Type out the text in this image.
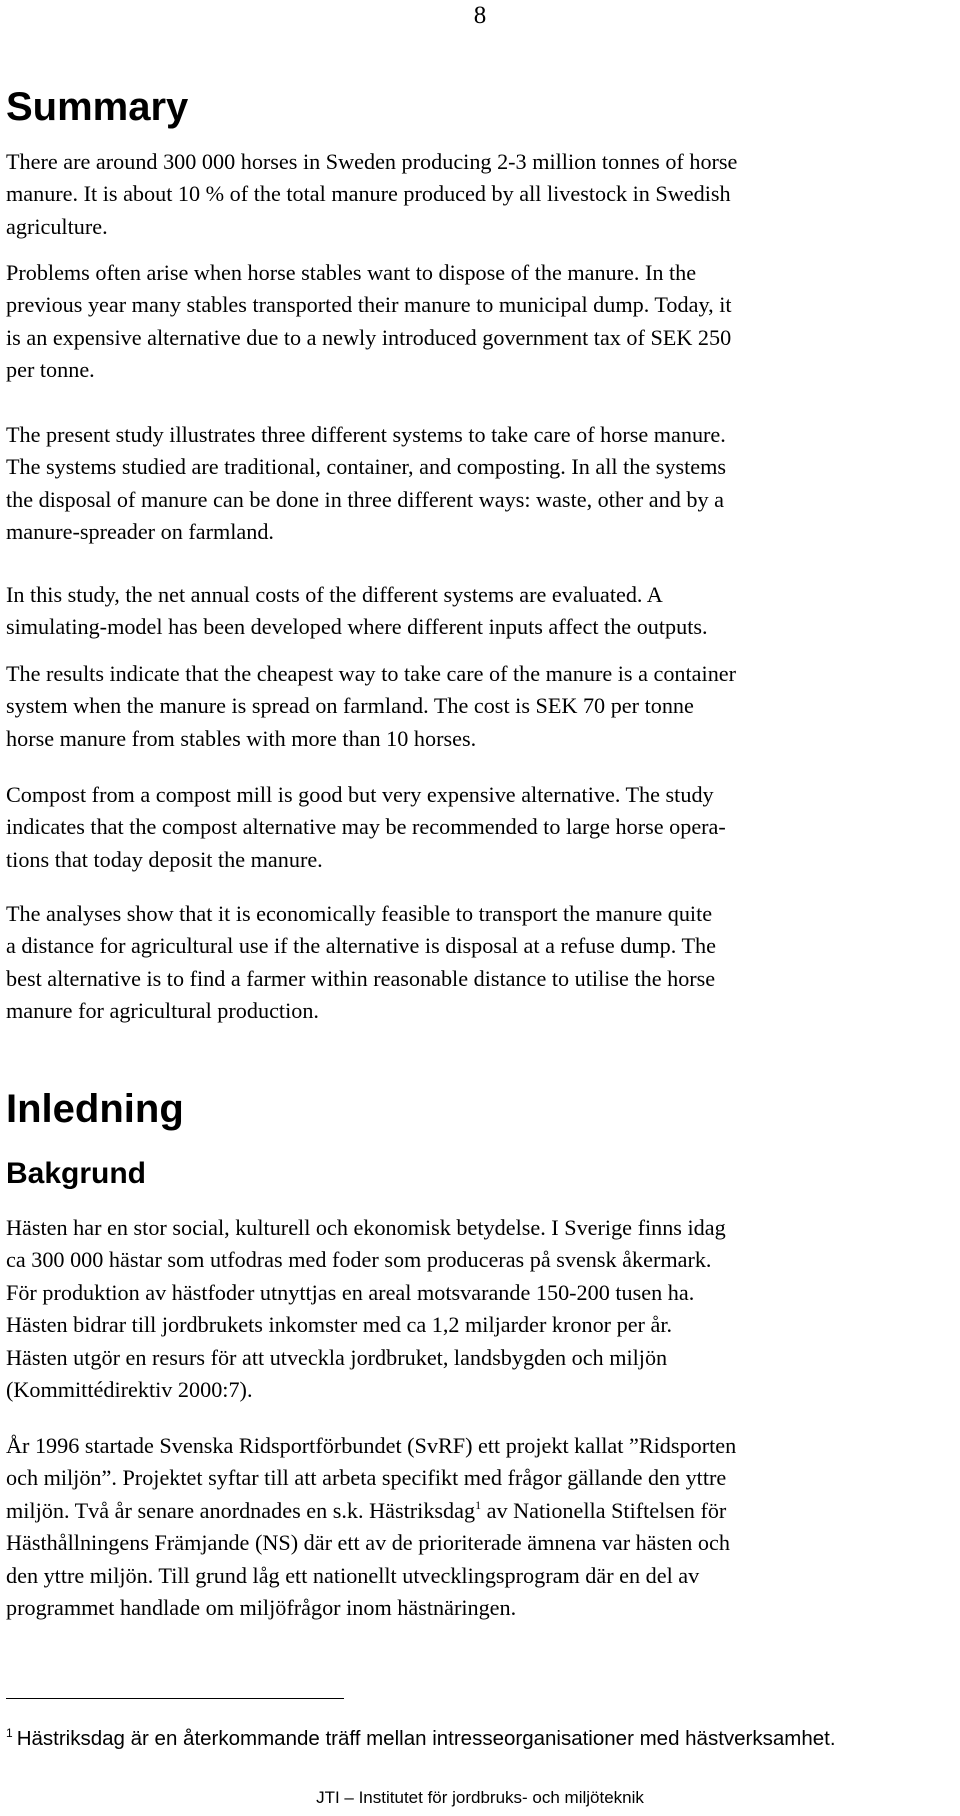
8
Summary

There are around 300 000 horses in Sweden producing 2-3 million tonnes of horse
manure. It is about 10 % of the total manure produced by all livestock in Swedish
agriculture.

Problems often arise when horse stables want to dispose of the manure. In the
previous year many stables transported their manure to municipal dump. Today, it
is an expensive alternative due to a newly introduced government tax of SEK 250
per tonne.

The present study illustrates three different systems to take care of horse manure.
The systems studied are traditional, container, and composting. In all the systems
the disposal of manure can be done in three different ways: waste, other and by a
manure-spreader on farmland.

In this study, the net annual costs of the different systems are evaluated. A
simulating-model has been developed where different inputs affect the outputs.

The results indicate that the cheapest way to take care of the manure is a container
system when the manure is spread on farmland. The cost is SEK 70 per tonne
horse manure from stables with more than 10 horses.

Compost from a compost mill is good but very expensive alternative. The study
indicates that the compost alternative may be recommended to large horse opera-
tions that today deposit the manure.

The analyses show that it is economically feasible to transport the manure quite
a distance for agricultural use if the alternative is disposal at a refuse dump. The
best alternative is to find a farmer within reasonable distance to utilise the horse
manure for agricultural production.

Inledning
Bakgrund

Hästen har en stor social, kulturell och ekonomisk betydelse. I Sverige finns idag
ca 300 000 hästar som utfodras med foder som produceras på svensk åkermark.
För produktion av hästfoder utnyttjas en areal motsvarande 150-200 tusen ha.
Hästen bidrar till jordbrukets inkomster med ca 1,2 miljarder kronor per år.
Hästen utgör en resurs för att utveckla jordbruket, landsbygden och miljön
(Kommittédirektiv 2000:7).

År 1996 startade Svenska Ridsportförbundet (SvRF) ett projekt kallat ”Ridsporten
och miljön”. Projektet syftar till att arbeta specifikt med frågor gällande den yttre
miljön. Två år senare anordnades en s.k. Hästriksdag$^1$ av Nationella Stiftelsen för
Hästhållningens Främjande (NS) där ett av de prioriterade ämnena var hästen och
den yttre miljön. Till grund låg ett nationellt utvecklingsprogram där en del av
programmet handlade om miljöfrågor inom hästnäringen.

$^1$ Hästriksdag är en återkommande träff mellan intresseorganisationer med hästverksamhet.
JTI – Institutet för jordbruks- och miljöteknik
